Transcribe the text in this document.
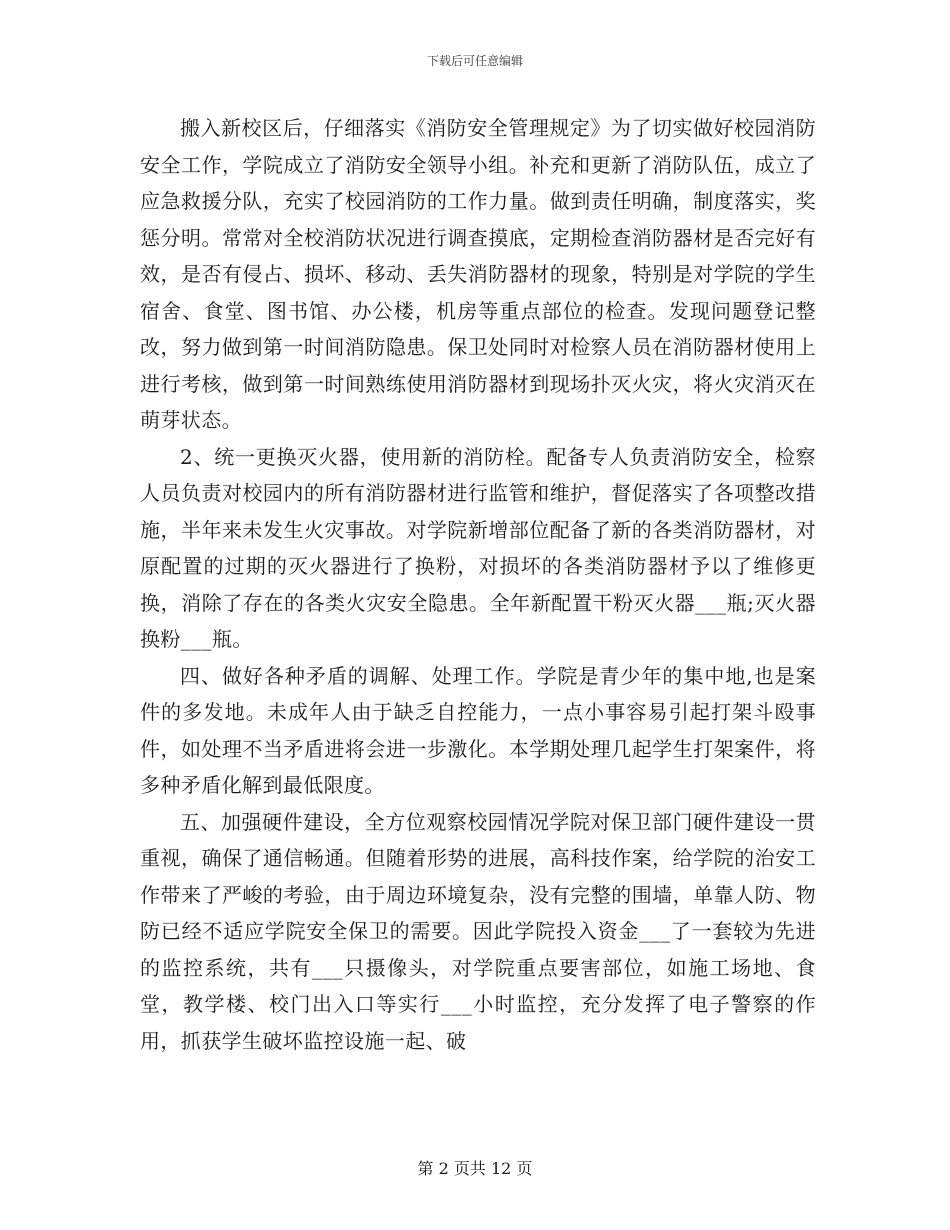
下载后可任意编辑

搬入新校区后，仔细落实《消防安全管理规定》为了切实做好校园消防安全工作，学院成立了消防安全领导小组。补充和更新了消防队伍，成立了应急救援分队，充实了校园消防的工作力量。做到责任明确，制度落实，奖惩分明。常常对全校消防状况进行调查摸底，定期检查消防器材是否完好有效，是否有侵占、损坏、移动、丢失消防器材的现象，特别是对学院的学生宿舍、食堂、图书馆、办公楼，机房等重点部位的检查。发现问题登记整改，努力做到第一时间消防隐患。保卫处同时对检察人员在消防器材使用上进行考核，做到第一时间熟练使用消防器材到现场扑灭火灾，将火灾消灭在萌芽状态。

2、统一更换灭火器，使用新的消防栓。配备专人负责消防安全，检察人员负责对校园内的所有消防器材进行监管和维护，督促落实了各项整改措施，半年来未发生火灾事故。对学院新增部位配备了新的各类消防器材，对原配置的过期的灭火器进行了换粉，对损坏的各类消防器材予以了维修更换，消除了存在的各类火灾安全隐患。全年新配置干粉灭火器___瓶;灭火器换粉___瓶。

四、做好各种矛盾的调解、处理工作。学院是青少年的集中地,也是案件的多发地。未成年人由于缺乏自控能力，一点小事容易引起打架斗殴事件，如处理不当矛盾进将会进一步激化。本学期处理几起学生打架案件，将多种矛盾化解到最低限度。

五、加强硬件建设，全方位观察校园情况学院对保卫部门硬件建设一贯重视，确保了通信畅通。但随着形势的进展，高科技作案，给学院的治安工作带来了严峻的考验，由于周边环境复杂，没有完整的围墙，单靠人防、物防已经不适应学院安全保卫的需要。因此学院投入资金___了一套较为先进的监控系统，共有___只摄像头，对学院重点要害部位，如施工场地、食堂，教学楼、校门出入口等实行___小时监控，充分发挥了电子警察的作用，抓获学生破坏监控设施一起、破

第 2 页共 12 页
